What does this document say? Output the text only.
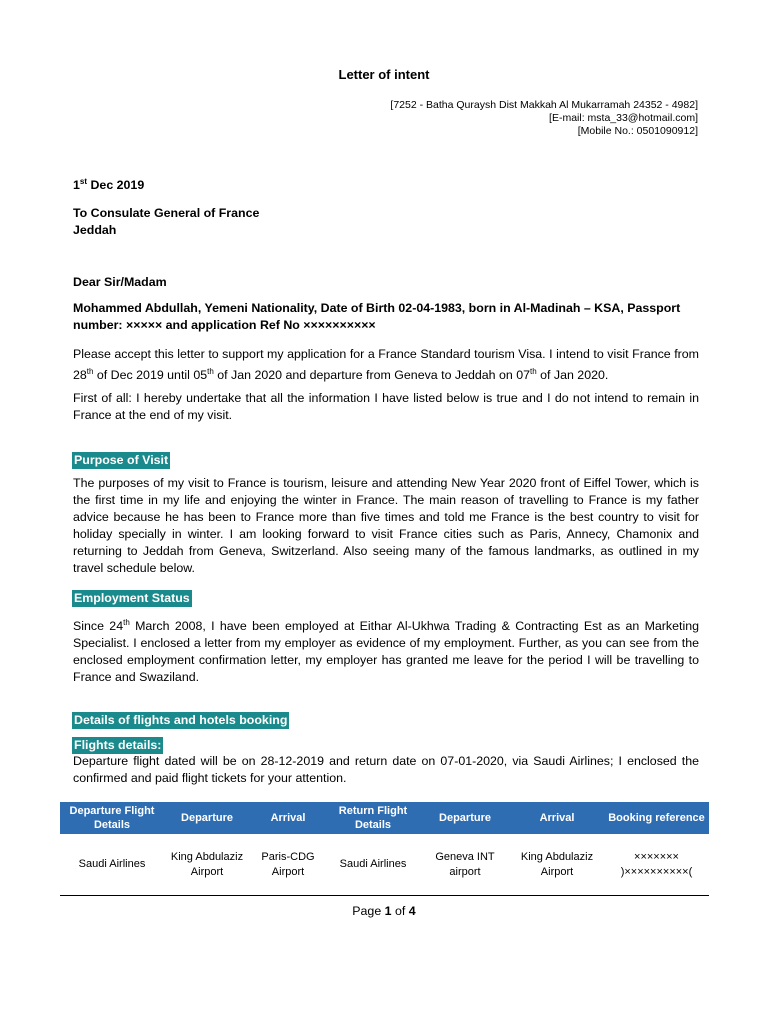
Letter of intent
[7252 - Batha Quraysh Dist Makkah Al Mukarramah 24352 - 4982]
[E-mail: msta_33@hotmail.com]
[Mobile No.: 0501090912]
1st Dec 2019
To Consulate General of France
Jeddah
Dear Sir/Madam
Mohammed Abdullah, Yemeni Nationality, Date of Birth 02-04-1983, born in Al-Madinah – KSA, Passport number: ××××× and application Ref No ××××××××××
Please accept this letter to support my application for a France Standard tourism Visa. I intend to visit France from 28th of Dec 2019 until 05th of Jan 2020 and departure from Geneva to Jeddah on 07th of Jan 2020.
First of all: I hereby undertake that all the information I have listed below is true and I do not intend to remain in France at the end of my visit.
Purpose of Visit
The purposes of my visit to France is tourism, leisure and attending New Year 2020 front of Eiffel Tower, which is the first time in my life and enjoying the winter in France. The main reason of travelling to France is my father advice because he has been to France more than five times and told me France is the best country to visit for holiday specially in winter. I am looking forward to visit France cities such as Paris, Annecy, Chamonix and returning to Jeddah from Geneva, Switzerland. Also seeing many of the famous landmarks, as outlined in my travel schedule below.
Employment Status
Since 24th March 2008, I have been employed at Eithar Al-Ukhwa Trading & Contracting Est as an Marketing Specialist. I enclosed a letter from my employer as evidence of my employment. Further, as you can see from the enclosed employment confirmation letter, my employer has granted me leave for the period I will be travelling to France and Swaziland.
Details of flights and hotels booking
Flights details:
Departure flight dated will be on 28-12-2019 and return date on 07-01-2020, via Saudi Airlines; I enclosed the confirmed and paid flight tickets for your attention.
Departure Flight Details	Departure	Arrival	Return Flight Details	Departure	Arrival	Booking reference
Saudi Airlines	King Abdulaziz Airport	Paris-CDG Airport	Saudi Airlines	Geneva INT airport	King Abdulaziz Airport	××××××× )××××××××××(
Page 1 of 4
